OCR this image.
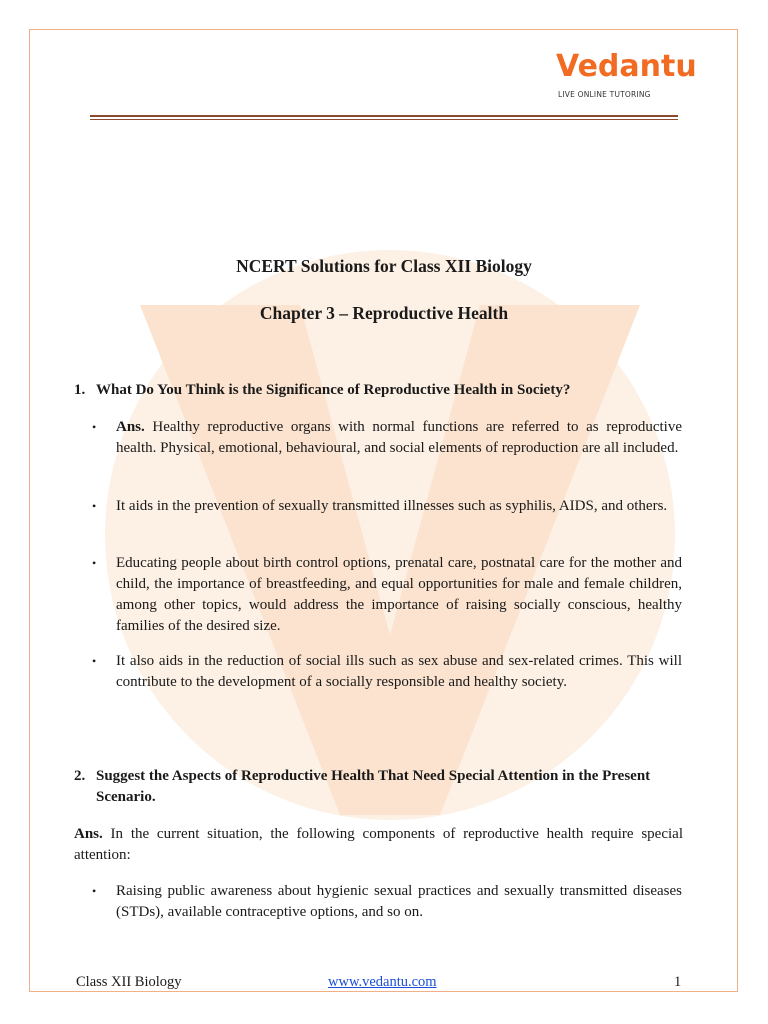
Vedantu
LIVE ONLINE TUTORING
NCERT Solutions for Class XII Biology
Chapter 3 – Reproductive Health
1. What Do You Think is the Significance of Reproductive Health in Society?
• Ans. Healthy reproductive organs with normal functions are referred to as reproductive health. Physical, emotional, behavioural, and social elements of reproduction are all included.
• It aids in the prevention of sexually transmitted illnesses such as syphilis, AIDS, and others.
• Educating people about birth control options, prenatal care, postnatal care for the mother and child, the importance of breastfeeding, and equal opportunities for male and female children, among other topics, would address the importance of raising socially conscious, healthy families of the desired size.
• It also aids in the reduction of social ills such as sex abuse and sex-related crimes. This will contribute to the development of a socially responsible and healthy society.
2. Suggest the Aspects of Reproductive Health That Need Special Attention in the Present Scenario.
Ans. In the current situation, the following components of reproductive health require special attention:
• Raising public awareness about hygienic sexual practices and sexually transmitted diseases (STDs), available contraceptive options, and so on.
Class XII Biology	www.vedantu.com	1
